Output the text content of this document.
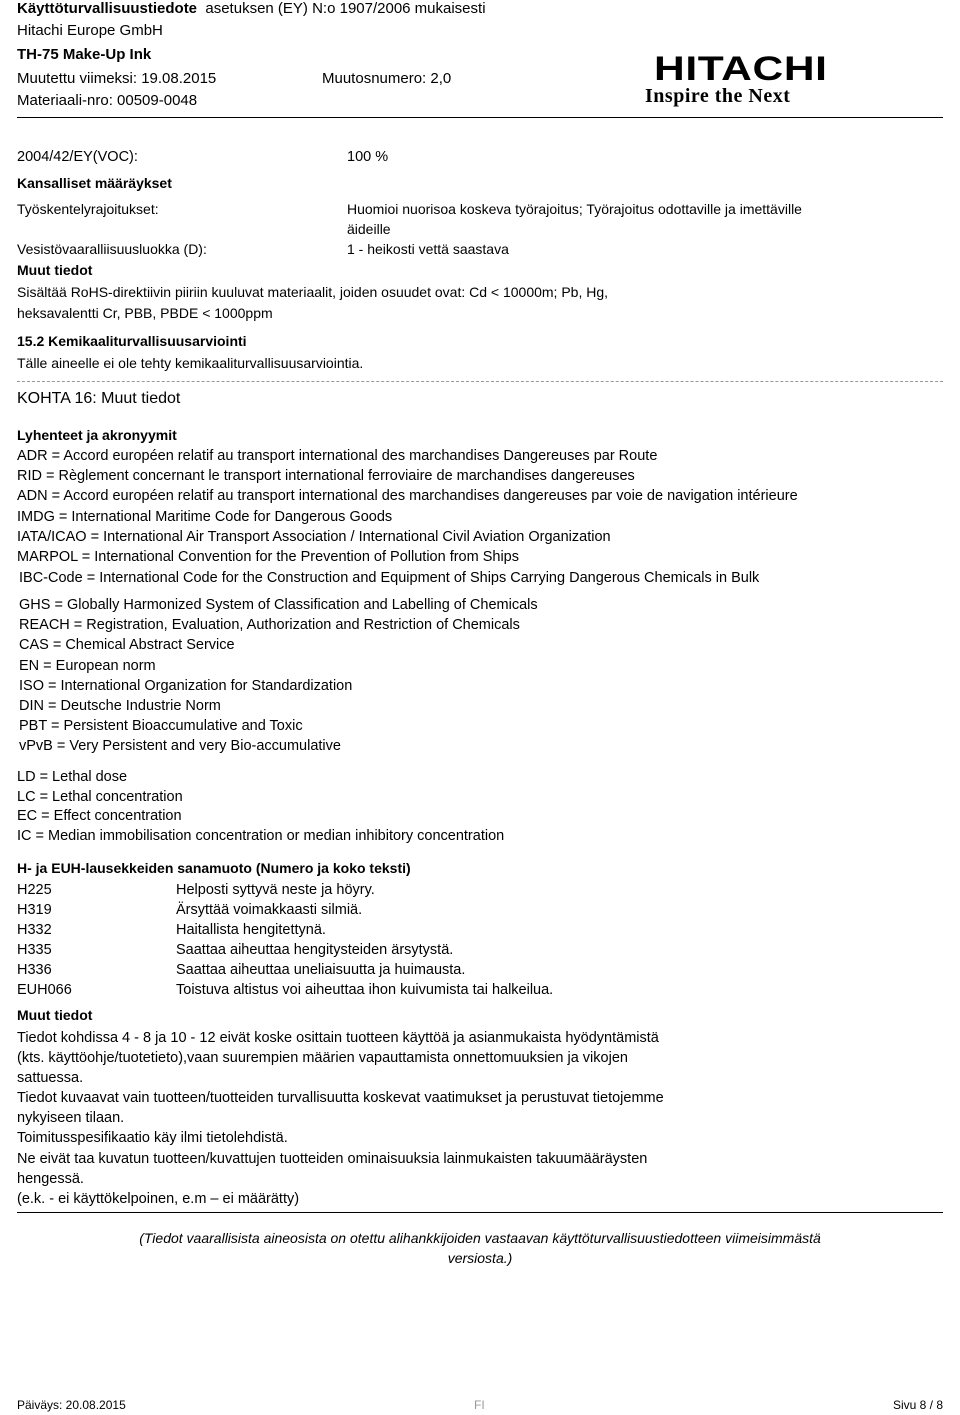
Käyttöturvallisuustiedote asetuksen (EY) N:o 1907/2006 mukaisesti
Hitachi Europe GmbH
TH-75 Make-Up Ink
Muutettu viimeksi: 19.08.2015	Muutosnumero: 2,0
Materiaali-nro: 00509-0048
HITACHI
Inspire the Next
2004/42/EY(VOC):	100 %
Kansalliset määräykset
Työskentelyrajoitukset:	Huomioi nuorisoa koskeva työrajoitus; Työrajoitus odottaville ja imettäville
äideille
Vesistövaaralliisuusluokka (D):	1 - heikosti vettä saastava
Muut tiedot
Sisältää RoHS-direktiivin piiriin kuuluvat materiaalit, joiden osuudet ovat: Cd < 10000m; Pb, Hg,
heksavalentti Cr, PBB, PBDE < 1000ppm
15.2 Kemikaaliturvallisuusarviointi
Tälle aineelle ei ole tehty kemikaaliturvallisuusarviointia.
KOHTA 16: Muut tiedot
Lyhenteet ja akronyymit
ADR = Accord européen relatif au transport international des marchandises Dangereuses par Route
RID = Règlement concernant le transport international ferroviaire de marchandises dangereuses
ADN = Accord européen relatif au transport international des marchandises dangereuses par voie de navigation intérieure
IMDG = International Maritime Code for Dangerous Goods
IATA/ICAO = International Air Transport Association / International Civil Aviation Organization
MARPOL = International Convention for the Prevention of Pollution from Ships
IBC-Code = International Code for the Construction and Equipment of Ships Carrying Dangerous Chemicals in Bulk
GHS = Globally Harmonized System of Classification and Labelling of Chemicals
REACH = Registration, Evaluation, Authorization and Restriction of Chemicals
CAS = Chemical Abstract Service
EN = European norm
ISO = International Organization for Standardization
DIN = Deutsche Industrie Norm
PBT = Persistent Bioaccumulative and Toxic
vPvB = Very Persistent and very Bio-accumulative
LD = Lethal dose
LC = Lethal concentration
EC = Effect concentration
IC = Median immobilisation concentration or median inhibitory concentration
H- ja EUH-lausekkeiden sanamuoto (Numero ja koko teksti)
H225	Helposti syttyvä neste ja höyry.
H319	Ärsyttää voimakkaasti silmiä.
H332	Haitallista hengitettynä.
H335	Saattaa aiheuttaa hengitysteiden ärsytystä.
H336	Saattaa aiheuttaa uneliaisuutta ja huimausta.
EUH066	Toistuva altistus voi aiheuttaa ihon kuivumista tai halkeilua.
Muut tiedot
Tiedot kohdissa 4 - 8 ja 10 - 12 eivät koske osittain tuotteen käyttöä ja asianmukaista hyödyntämistä
(kts. käyttöohje/tuotetieto),vaan suurempien määrien vapauttamista onnettomuuksien ja vikojen
sattuessa.
Tiedot kuvaavat vain tuotteen/tuotteiden turvallisuutta koskevat vaatimukset ja perustuvat tietojemme
nykyiseen tilaan.
Toimitusspesifikaatio käy ilmi tietolehdistä.
Ne eivät taa kuvatun tuotteen/kuvattujen tuotteiden ominaisuuksia lainmukaisten takuumääräysten
hengessä.
(e.k. - ei käyttökelpoinen, e.m – ei määrätty)
(Tiedot vaarallisista aineosista on otettu alihankkijoiden vastaavan käyttöturvallisuustiedotteen viimeisimmästä
versiosta.)
Päiväys: 20.08.2015	FI	Sivu 8 / 8
